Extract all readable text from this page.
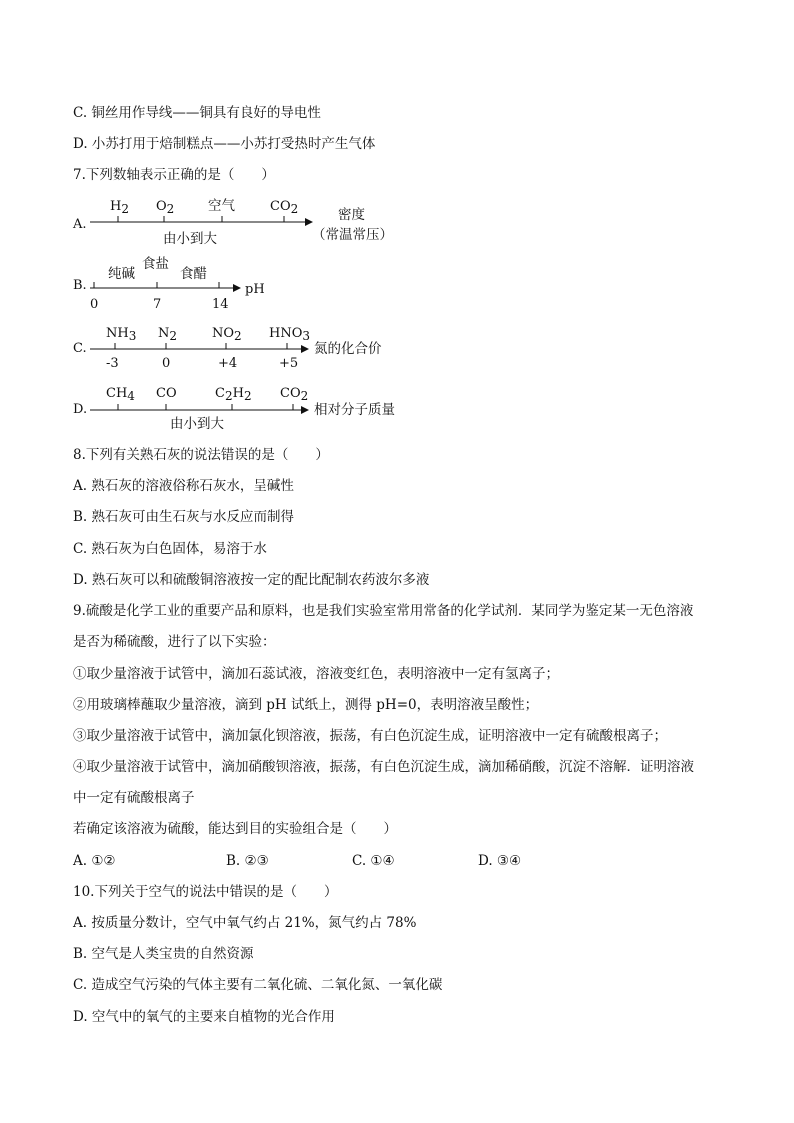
C. 铜丝用作导线——铜具有良好的导电性
D. 小苏打用于焙制糕点——小苏打受热时产生气体
7.下列数轴表示正确的是（　　）
A.
H2 O2 空气	CO2
由小到大
密度
（常温常压）
B.
纯碱
食盐
食醋
0	7	14
pH
C.
NH3 N2	NO2 HNO3
-3	0	+4	+5
氮的化合价
D.
CH4 CO	C2H2 CO2
由小到大
相对分子质量
8.下列有关熟石灰的说法错误的是（　　）
A. 熟石灰的溶液俗称石灰水，呈碱性
B. 熟石灰可由生石灰与水反应而制得
C. 熟石灰为白色固体，易溶于水
D. 熟石灰可以和硫酸铜溶液按一定的配比配制农药波尔多液
9.硫酸是化学工业的重要产品和原料，也是我们实验室常用常备的化学试剂．某同学为鉴定某一无色溶液
是否为稀硫酸，进行了以下实验：
①取少量溶液于试管中，滴加石蕊试液，溶液变红色，表明溶液中一定有氢离子；
②用玻璃棒蘸取少量溶液，滴到 pH 试纸上，测得 pH=0，表明溶液呈酸性；
③取少量溶液于试管中，滴加氯化钡溶液，振荡，有白色沉淀生成，证明溶液中一定有硫酸根离子；
④取少量溶液于试管中，滴加硝酸钡溶液，振荡，有白色沉淀生成，滴加稀硝酸，沉淀不溶解．证明溶液
中一定有硫酸根离子
若确定该溶液为硫酸，能达到目的实验组合是（　　）
A. ①②	B. ②③	C. ①④	D. ③④
10.下列关于空气的说法中错误的是（　　）
A. 按质量分数计，空气中氧气约占 21%，氮气约占 78%
B. 空气是人类宝贵的自然资源
C. 造成空气污染的气体主要有二氧化硫、二氧化氮、一氧化碳
D. 空气中的氧气的主要来自植物的光合作用
